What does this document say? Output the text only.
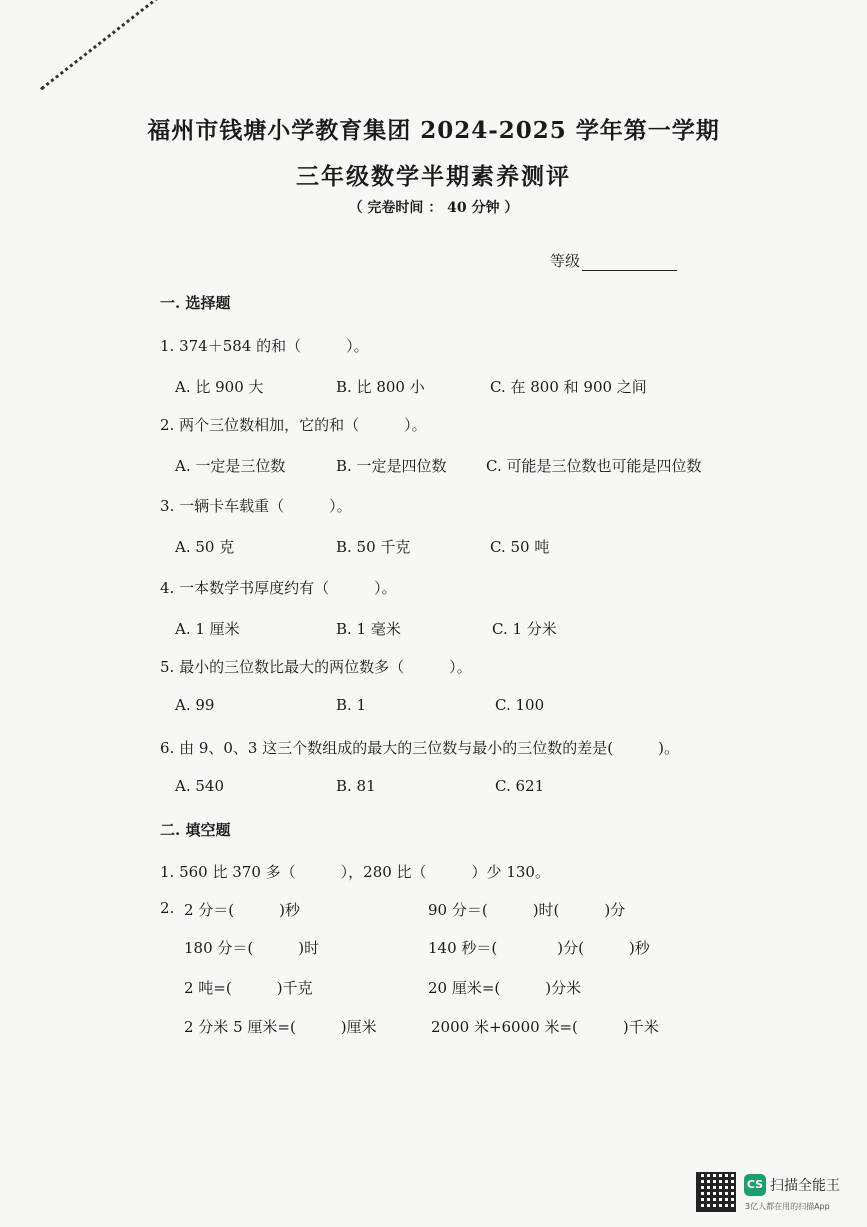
福州市钱塘小学教育集团 2024-2025 学年第一学期
三年级数学半期素养测评
（ 完卷时间 ： 40 分钟 ）
等级
一. 选择题
1. 374＋584 的和（　　　）。
A. 比 900 大	B. 比 800 小	C. 在 800 和 900 之间
2. 两个三位数相加，它的和（　　　）。
A. 一定是三位数	B. 一定是四位数	C. 可能是三位数也可能是四位数
3. 一辆卡车载重（　　　）。
A. 50 克	B. 50 千克	C. 50 吨
4. 一本数学书厚度约有（　　　）。
A. 1 厘米	B. 1 毫米	C. 1 分米
5. 最小的三位数比最大的两位数多（　　　）。
A. 99	B. 1	C. 100
6. 由 9、0、3 这三个数组成的最大的三位数与最小的三位数的差是(　　　)。
A. 540	B. 81	C. 621
二. 填空题
1. 560 比 370 多（　　　），280 比（　　　）少 130。
2. 2 分＝(　　　)秒	90 分＝(　　　)时(　　　)分
180 分＝(　　　)时	140 秒＝(　　　　)分(　　　)秒
2 吨=(　　　)千克	20 厘米=(　　　)分米
2 分米 5 厘米=(　　　)厘米	2000 米+6000 米=(　　　)千米
CS 扫描全能王
3亿人都在用的扫描App
